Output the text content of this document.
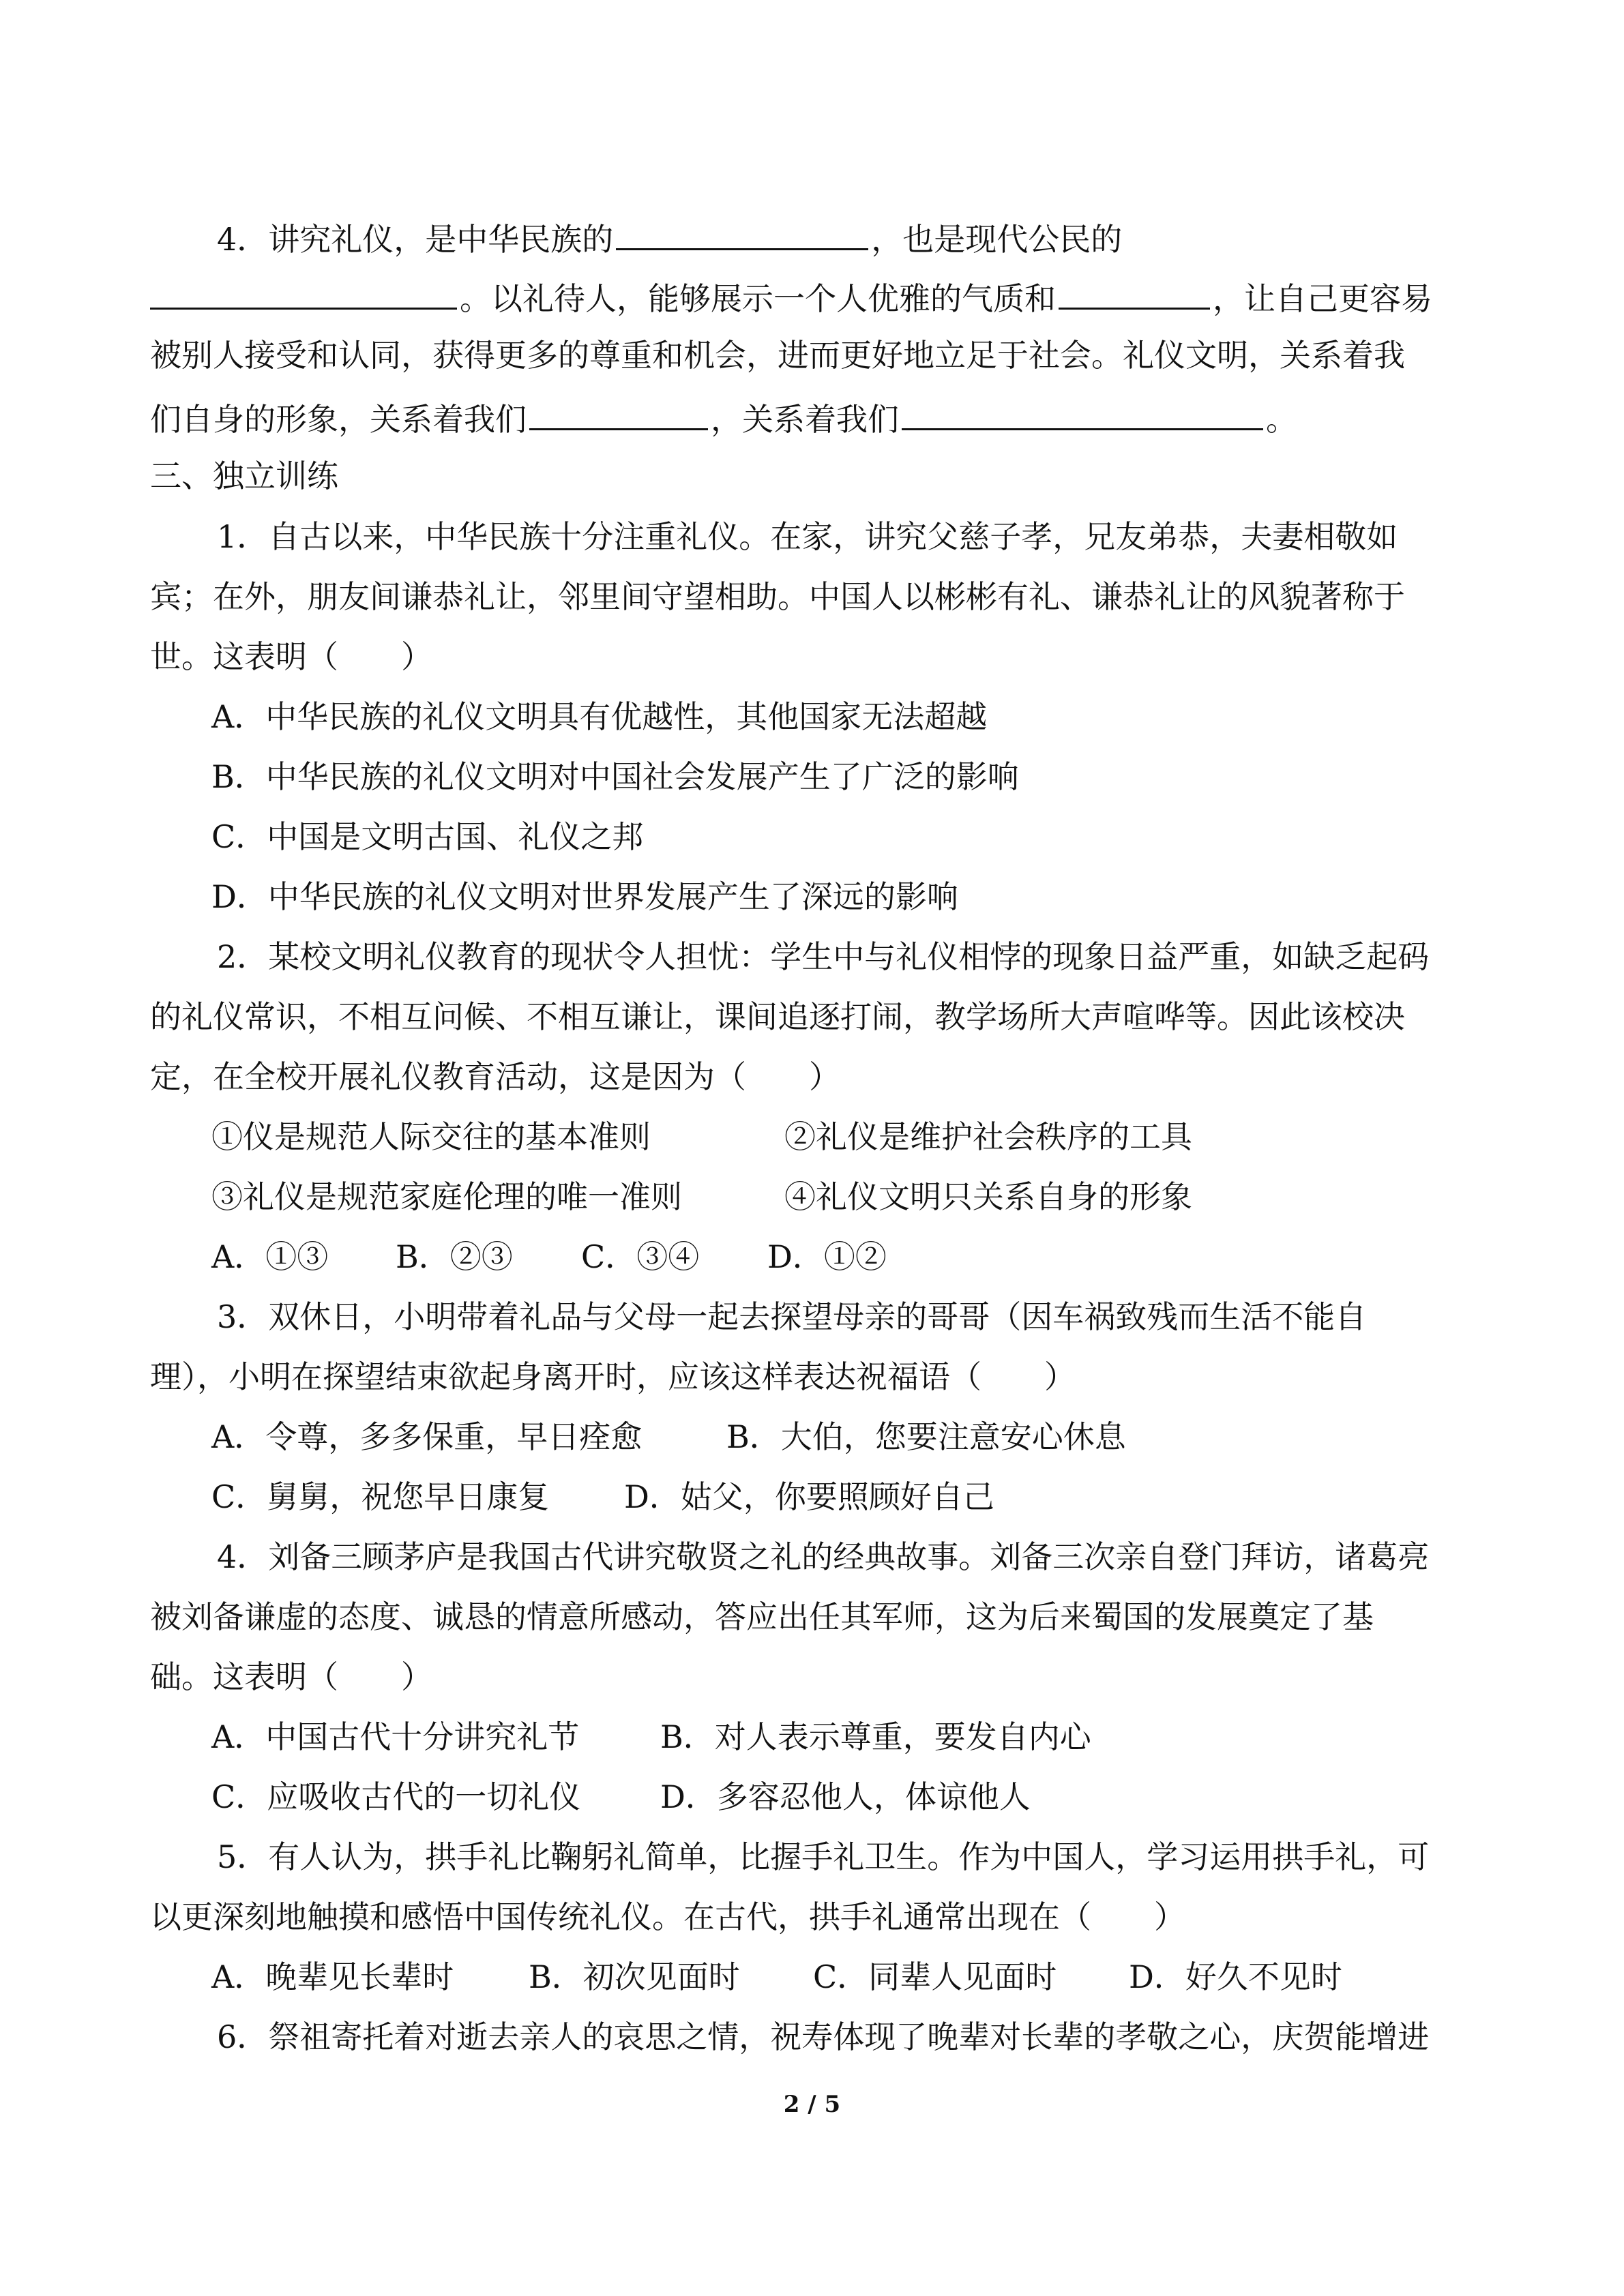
4．讲究礼仪，是中华民族的	，也是现代公民的
。以礼待人，能够展示一个人优雅的气质和	，让自己更容易
被别人接受和认同，获得更多的尊重和机会，进而更好地立足于社会。礼仪文明，关系着我
们自身的形象，关系着我们	，关系着我们	。
三、独立训练
1．自古以来，中华民族十分注重礼仪。在家，讲究父慈子孝，兄友弟恭，夫妻相敬如
宾；在外，朋友间谦恭礼让，邻里间守望相助。中国人以彬彬有礼、谦恭礼让的风貌著称于
世。这表明（　　）
A．中华民族的礼仪文明具有优越性，其他国家无法超越
B．中华民族的礼仪文明对中国社会发展产生了广泛的影响
C．中国是文明古国、礼仪之邦
D．中华民族的礼仪文明对世界发展产生了深远的影响
2．某校文明礼仪教育的现状令人担忧：学生中与礼仪相悖的现象日益严重，如缺乏起码
的礼仪常识，不相互问候、不相互谦让，课间追逐打闹，教学场所大声喧哗等。因此该校决
定，在全校开展礼仪教育活动，这是因为（　　）
①仪是规范人际交往的基本准则	②礼仪是维护社会秩序的工具
③礼仪是规范家庭伦理的唯一准则	④礼仪文明只关系自身的形象
A．①③ B．②③ C．③④ D．①②
3．双休日，小明带着礼品与父母一起去探望母亲的哥哥（因车祸致残而生活不能自
理），小明在探望结束欲起身离开时，应该这样表达祝福语（　　）
A．令尊，多多保重，早日痊愈	B．大伯，您要注意安心休息
C．舅舅，祝您早日康复 D．姑父，你要照顾好自己
4．刘备三顾茅庐是我国古代讲究敬贤之礼的经典故事。刘备三次亲自登门拜访，诸葛亮
被刘备谦虚的态度、诚恳的情意所感动，答应出任其军师，这为后来蜀国的发展奠定了基
础。这表明（　　）
A．中国古代十分讲究礼节	B．对人表示尊重，要发自内心
C．应吸收古代的一切礼仪	D．多容忍他人，体谅他人
5．有人认为，拱手礼比鞠躬礼简单，比握手礼卫生。作为中国人，学习运用拱手礼，可
以更深刻地触摸和感悟中国传统礼仪。在古代，拱手礼通常出现在（　　）
A．晚辈见长辈时 B．初次见面时 C．同辈人见面时 D．好久不见时
6．祭祖寄托着对逝去亲人的哀思之情，祝寿体现了晚辈对长辈的孝敬之心，庆贺能增进
2 / 5
